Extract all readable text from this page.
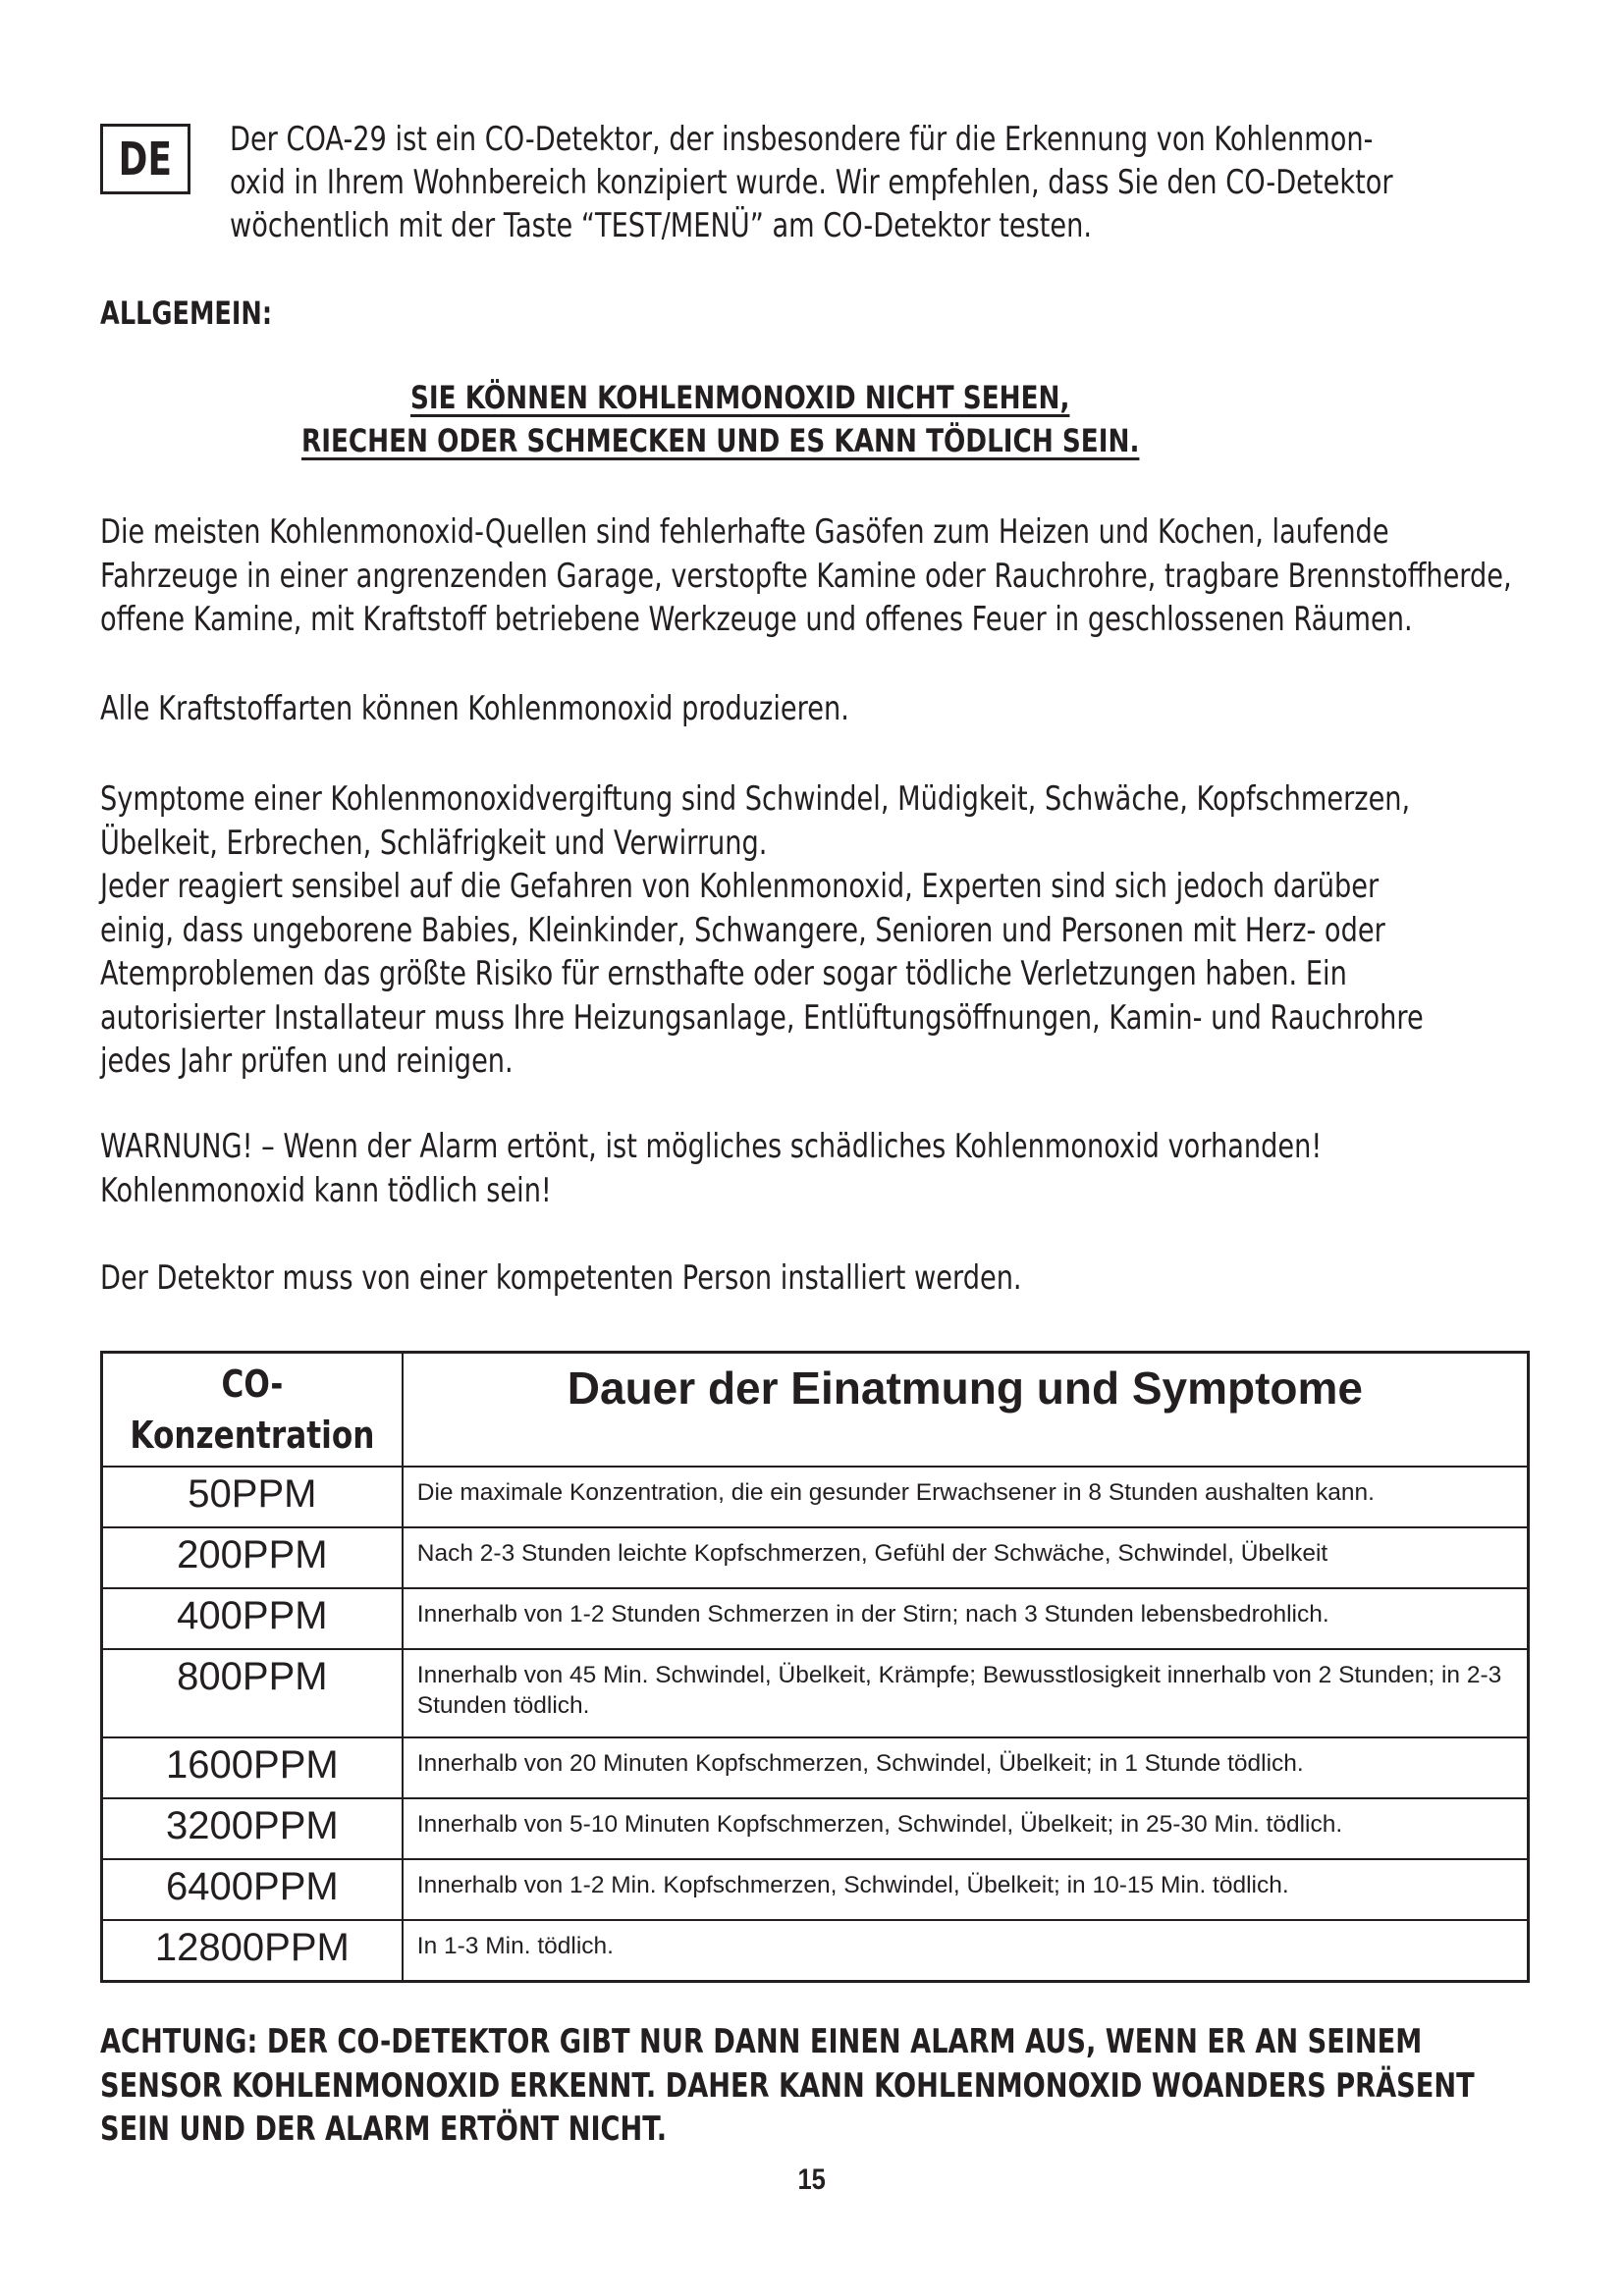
DE Der COA-29 ist ein CO-Detektor, der insbesondere für die Erkennung von Kohlenmon- oxid in Ihrem Wohnbereich konzipiert wurde. Wir empfehlen, dass Sie den CO-Detektor wöchentlich mit der Taste “TEST/MENÜ” am CO-Detektor testen.
ALLGEMEIN:
SIE KÖNNEN KOHLENMONOXID NICHT SEHEN,
RIECHEN ODER SCHMECKEN UND ES KANN TÖDLICH SEIN.
Die meisten Kohlenmonoxid-Quellen sind fehlerhafte Gasöfen zum Heizen und Kochen, laufende Fahrzeuge in einer angrenzenden Garage, verstopfte Kamine oder Rauchrohre, tragbare Brennstoffherde, offene Kamine, mit Kraftstoff betriebene Werkzeuge und offenes Feuer in geschlossenen Räumen.
Alle Kraftstoffarten können Kohlenmonoxid produzieren.
Symptome einer Kohlenmonoxidvergiftung sind Schwindel, Müdigkeit, Schwäche, Kopfschmerzen, Übelkeit, Erbrechen, Schläfrigkeit und Verwirrung. Jeder reagiert sensibel auf die Gefahren von Kohlenmonoxid, Experten sind sich jedoch darüber einig, dass ungeborene Babies, Kleinkinder, Schwangere, Senioren und Personen mit Herz- oder Atemproblemen das größte Risiko für ernsthafte oder sogar tödliche Verletzungen haben. Ein autorisierter Installateur muss Ihre Heizungsanlage, Entlüftungsöffnungen, Kamin- und Rauchrohre jedes Jahr prüfen und reinigen.
WARNUNG! – Wenn der Alarm ertönt, ist mögliches schädliches Kohlenmonoxid vorhanden! Kohlenmonoxid kann tödlich sein!
Der Detektor muss von einer kompetenten Person installiert werden.
CO-
Konzentration	Dauer der Einatmung und Symptome
50PPM	Die maximale Konzentration, die ein gesunder Erwachsener in 8 Stunden aushalten kann.
200PPM	Nach 2-3 Stunden leichte Kopfschmerzen, Gefühl der Schwäche, Schwindel, Übelkeit
400PPM	Innerhalb von 1-2 Stunden Schmerzen in der Stirn; nach 3 Stunden lebensbedrohlich.
800PPM	Innerhalb von 45 Min. Schwindel, Übelkeit, Krämpfe; Bewusstlosigkeit innerhalb von 2 Stunden; in 2-3 Stunden tödlich.
1600PPM	Innerhalb von 20 Minuten Kopfschmerzen, Schwindel, Übelkeit; in 1 Stunde tödlich.
3200PPM	Innerhalb von 5-10 Minuten Kopfschmerzen, Schwindel, Übelkeit; in 25-30 Min. tödlich.
6400PPM	Innerhalb von 1-2 Min. Kopfschmerzen, Schwindel, Übelkeit; in 10-15 Min. tödlich.
12800PPM	In 1-3 Min. tödlich.
ACHTUNG: DER CO-DETEKTOR GIBT NUR DANN EINEN ALARM AUS, WENN ER AN SEINEM SENSOR KOHLENMONOXID ERKENNT. DAHER KANN KOHLENMONOXID WOANDERS PRÄSENT SEIN UND DER ALARM ERTÖNT NICHT.
15
